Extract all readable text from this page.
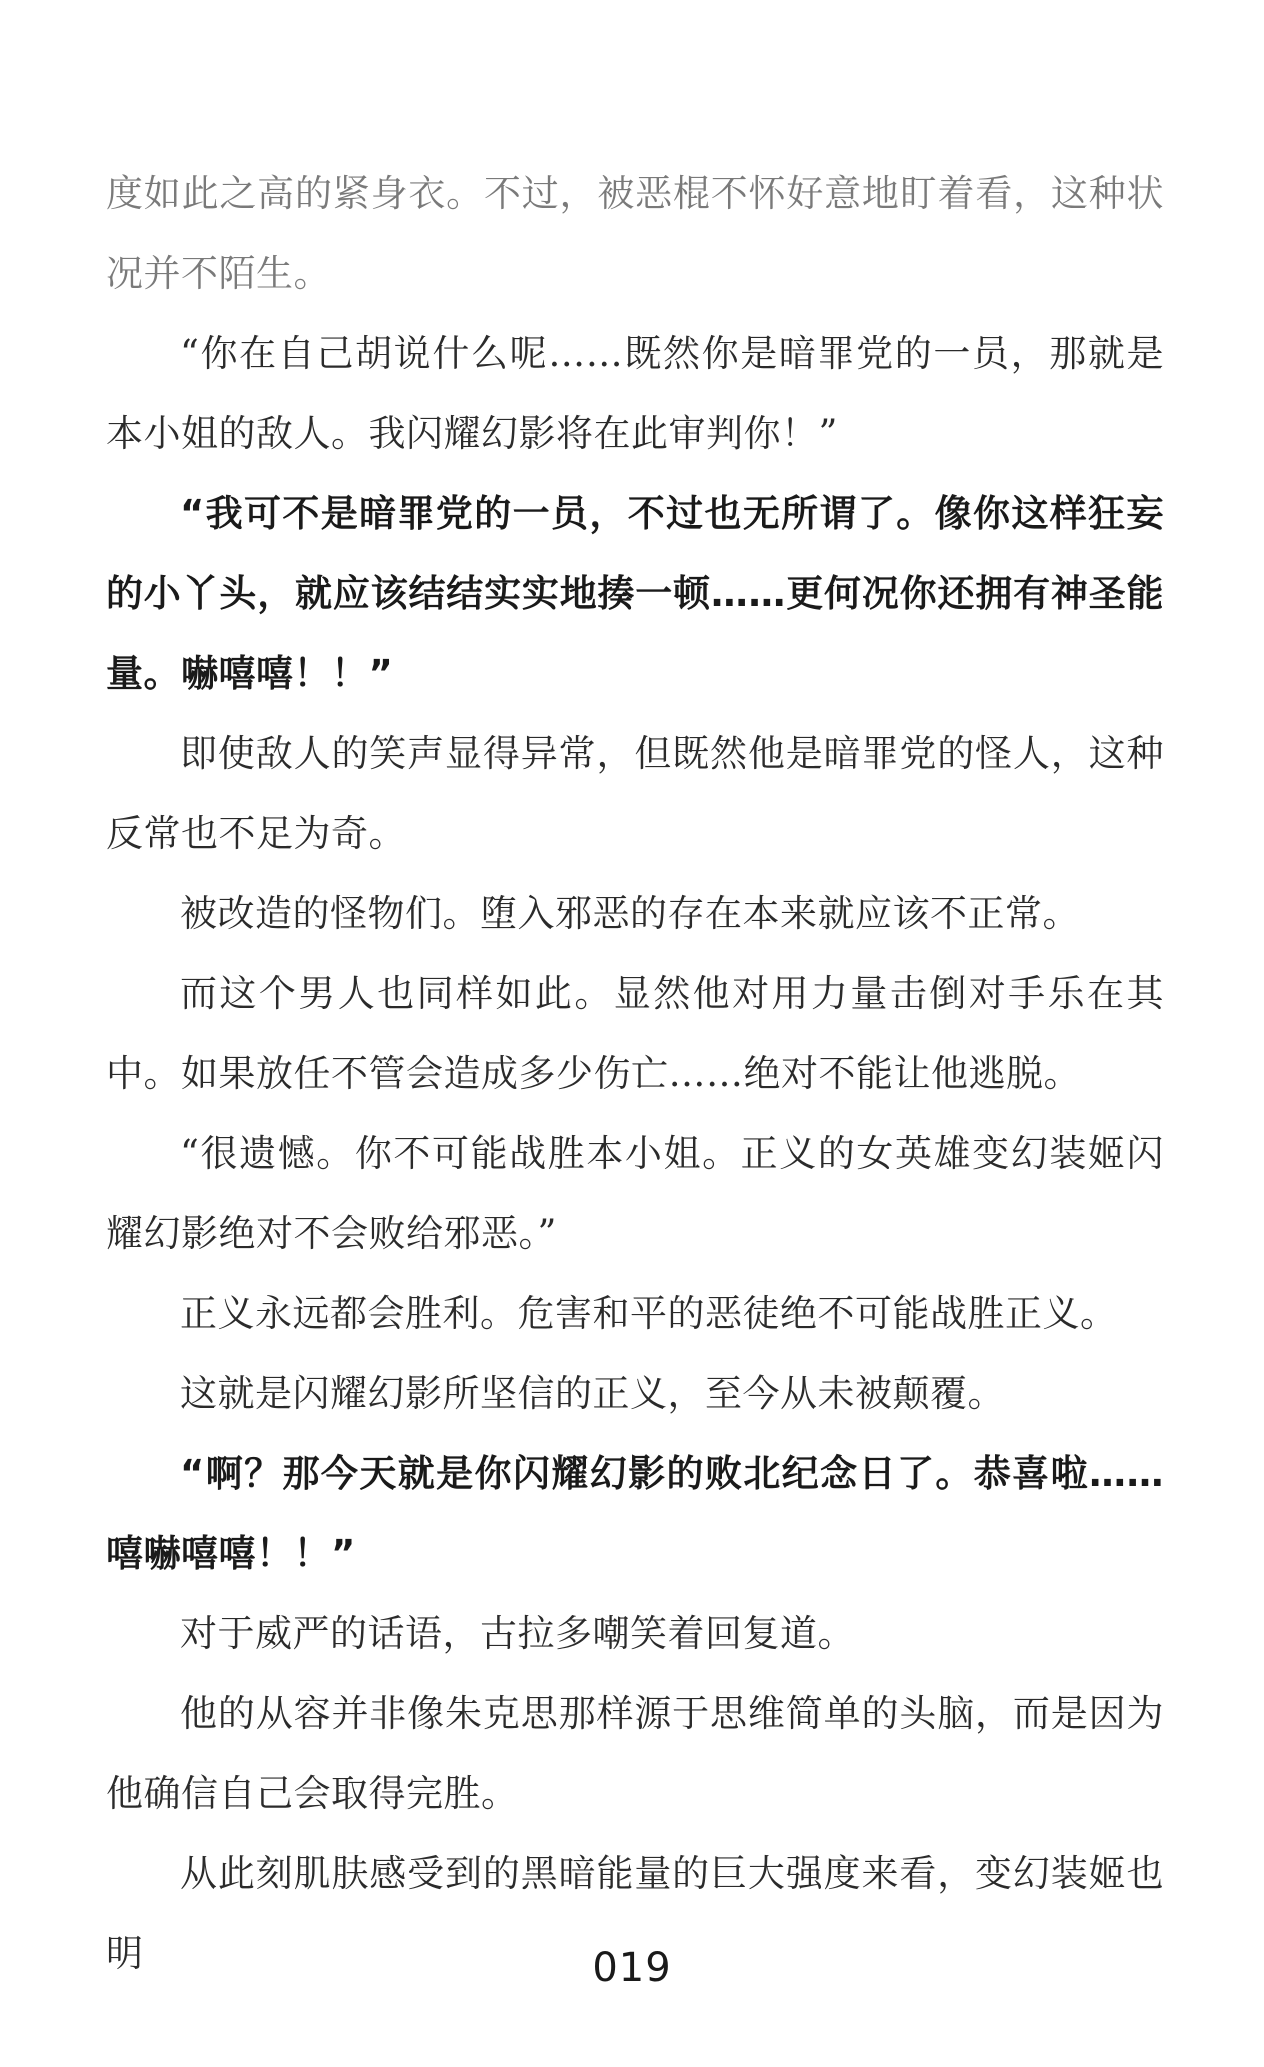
度如此之高的紧身衣。不过，被恶棍不怀好意地盯着看，这种状况并不陌生。

“你在自己胡说什么呢……既然你是暗罪党的一员，那就是本小姐的敌人。我闪耀幻影将在此审判你！”

“我可不是暗罪党的一员，不过也无所谓了。像你这样狂妄的小丫头，就应该结结实实地揍一顿……更何况你还拥有神圣能量。嚇嘻嘻！！”

即使敌人的笑声显得异常，但既然他是暗罪党的怪人，这种反常也不足为奇。

被改造的怪物们。堕入邪恶的存在本来就应该不正常。

而这个男人也同样如此。显然他对用力量击倒对手乐在其中。如果放任不管会造成多少伤亡……绝对不能让他逃脱。

“很遗憾。你不可能战胜本小姐。正义的女英雄变幻装姬闪耀幻影绝对不会败给邪恶。”

正义永远都会胜利。危害和平的恶徒绝不可能战胜正义。

这就是闪耀幻影所坚信的正义，至今从未被颠覆。

“啊？那今天就是你闪耀幻影的败北纪念日了。恭喜啦……嘻嚇嘻嘻！！”

对于威严的话语，古拉多嘲笑着回复道。

他的从容并非像朱克思那样源于思维简单的头脑，而是因为他确信自己会取得完胜。

从此刻肌肤感受到的黑暗能量的巨大强度来看，变幻装姬也明	019
